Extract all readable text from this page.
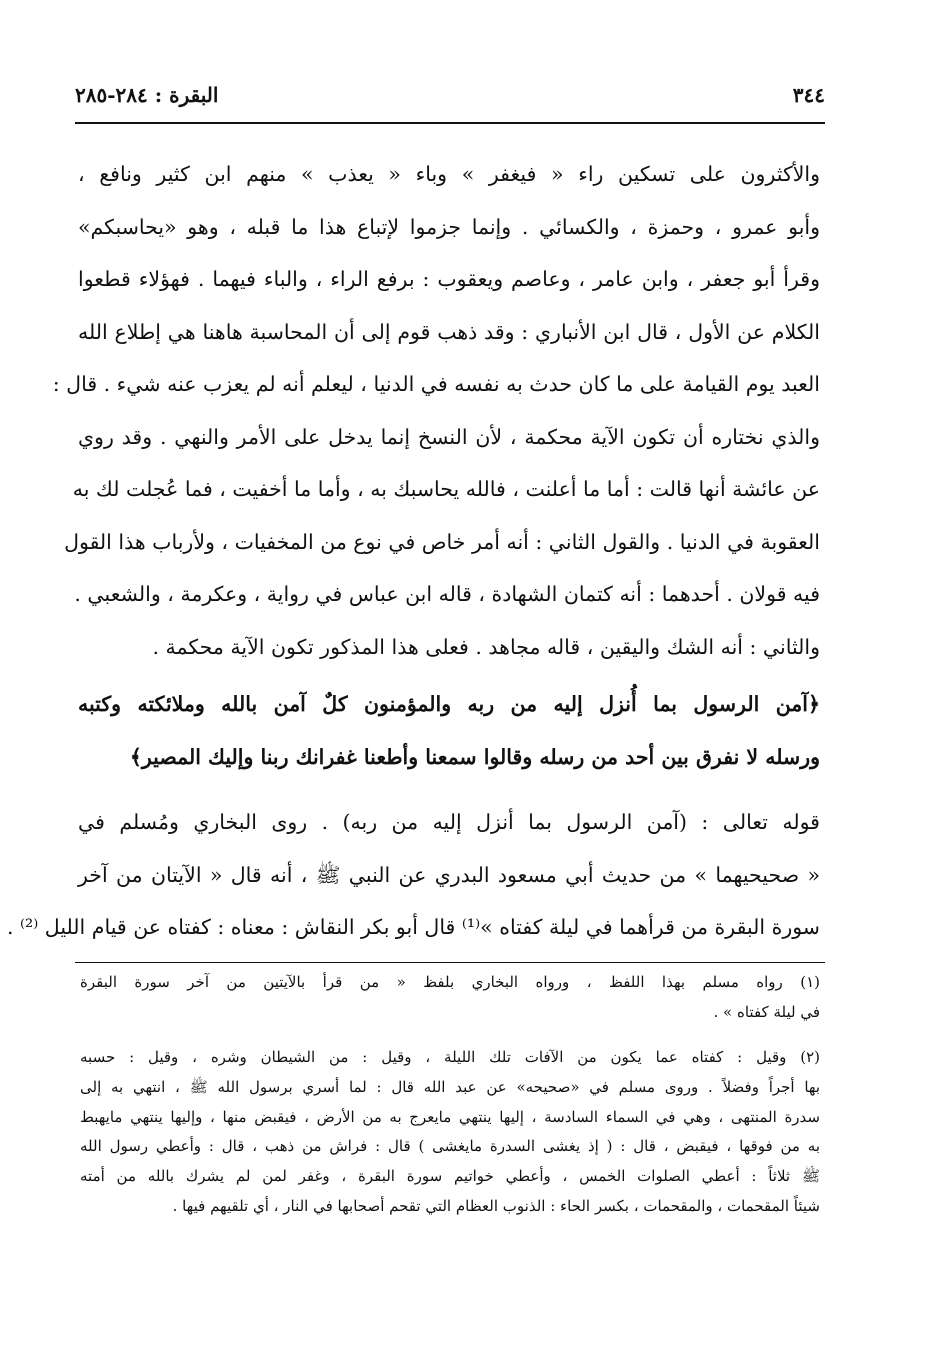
٣٤٤
البقرة : ٢٨٤-٢٨٥
والأكثرون على تسكين راء « فيغفر » وباء « يعذب » منهم ابن كثير ونافع ،
وأبو عمرو ، وحمزة ، والكسائي . وإنما جزموا لإتباع هذا ما قبله ، وهو «يحاسبكم»
وقرأ أبو جعفر ، وابن عامر ، وعاصم ويعقوب : برفع الراء ، والباء فيهما . فهؤلاء قطعوا
الكلام عن الأول ، قال ابن الأنباري : وقد ذهب قوم إلى أن المحاسبة هاهنا هي إطلاع الله
العبد يوم القيامة على ما كان حدث به نفسه في الدنيا ، ليعلم أنه لم يعزب عنه شيء . قال :
والذي نختاره أن تكون الآية محكمة ، لأن النسخ إنما يدخل على الأمر والنهي . وقد روي
عن عائشة أنها قالت : أما ما أعلنت ، فالله يحاسبك به ، وأما ما أخفيت ، فما عُجلت لك به
العقوبة في الدنيا . والقول الثاني : أنه أمر خاص في نوع من المخفيات ، ولأرباب هذا القول
فيه قولان . أحدهما : أنه كتمان الشهادة ، قاله ابن عباس في رواية ، وعكرمة ، والشعبي .
والثاني : أنه الشك واليقين ، قاله مجاهد . فعلى هذا المذكور تكون الآية محكمة .
﴿آمن الرسول بما أُنزل إليه من ربه والمؤمنون كلٌ آمن بالله وملائكته وكتبه
ورسله لا نفرق بين أحد من رسله وقالوا سمعنا وأطعنا غفرانك ربنا وإليك المصير﴾
قوله تعالى : (آمن الرسول بما أنزل إليه من ربه) . روى البخاري ومُسلم في
« صحيحيهما » من حديث أبي مسعود البدري عن النبي ﷺ ، أنه قال « الآيتان من آخر
سورة البقرة من قرأهما في ليلة كفتاه »⁽¹⁾ قال أبو بكر النقاش : معناه : كفتاه عن قيام الليل ⁽²⁾ .
(١) رواه مسلم بهذا اللفظ ، ورواه البخاري بلفظ « من قرأ بالآيتين من آخر سورة البقرة
في ليلة كفتاه » .
(٢) وقيل : كفتاه عما يكون من الآفات تلك الليلة ، وقيل : من الشيطان وشره ، وقيل : حسبه
بها أجراً وفضلاً . وروى مسلم في «صحيحه» عن عبد الله قال : لما أسري برسول الله ﷺ ، انتهي به إلى
سدرة المنتهى ، وهي في السماء السادسة ، إليها ينتهي مايعرج به من الأرض ، فيقبض منها ، وإليها ينتهي مايهبط
به من فوقها ، فيقبض ، قال : ( إذ يغشى السدرة مايغشى ) قال : فراش من ذهب ، قال : وأعطي رسول الله
ﷺ ثلاثاً : أعطي الصلوات الخمس ، وأعطي خواتيم سورة البقرة ، وغفر لمن لم يشرك بالله من أمته
شيئاً المقحمات ، والمقحمات ، بكسر الحاء : الذنوب العظام التي تقحم أصحابها في النار ، أي تلقيهم فيها .
